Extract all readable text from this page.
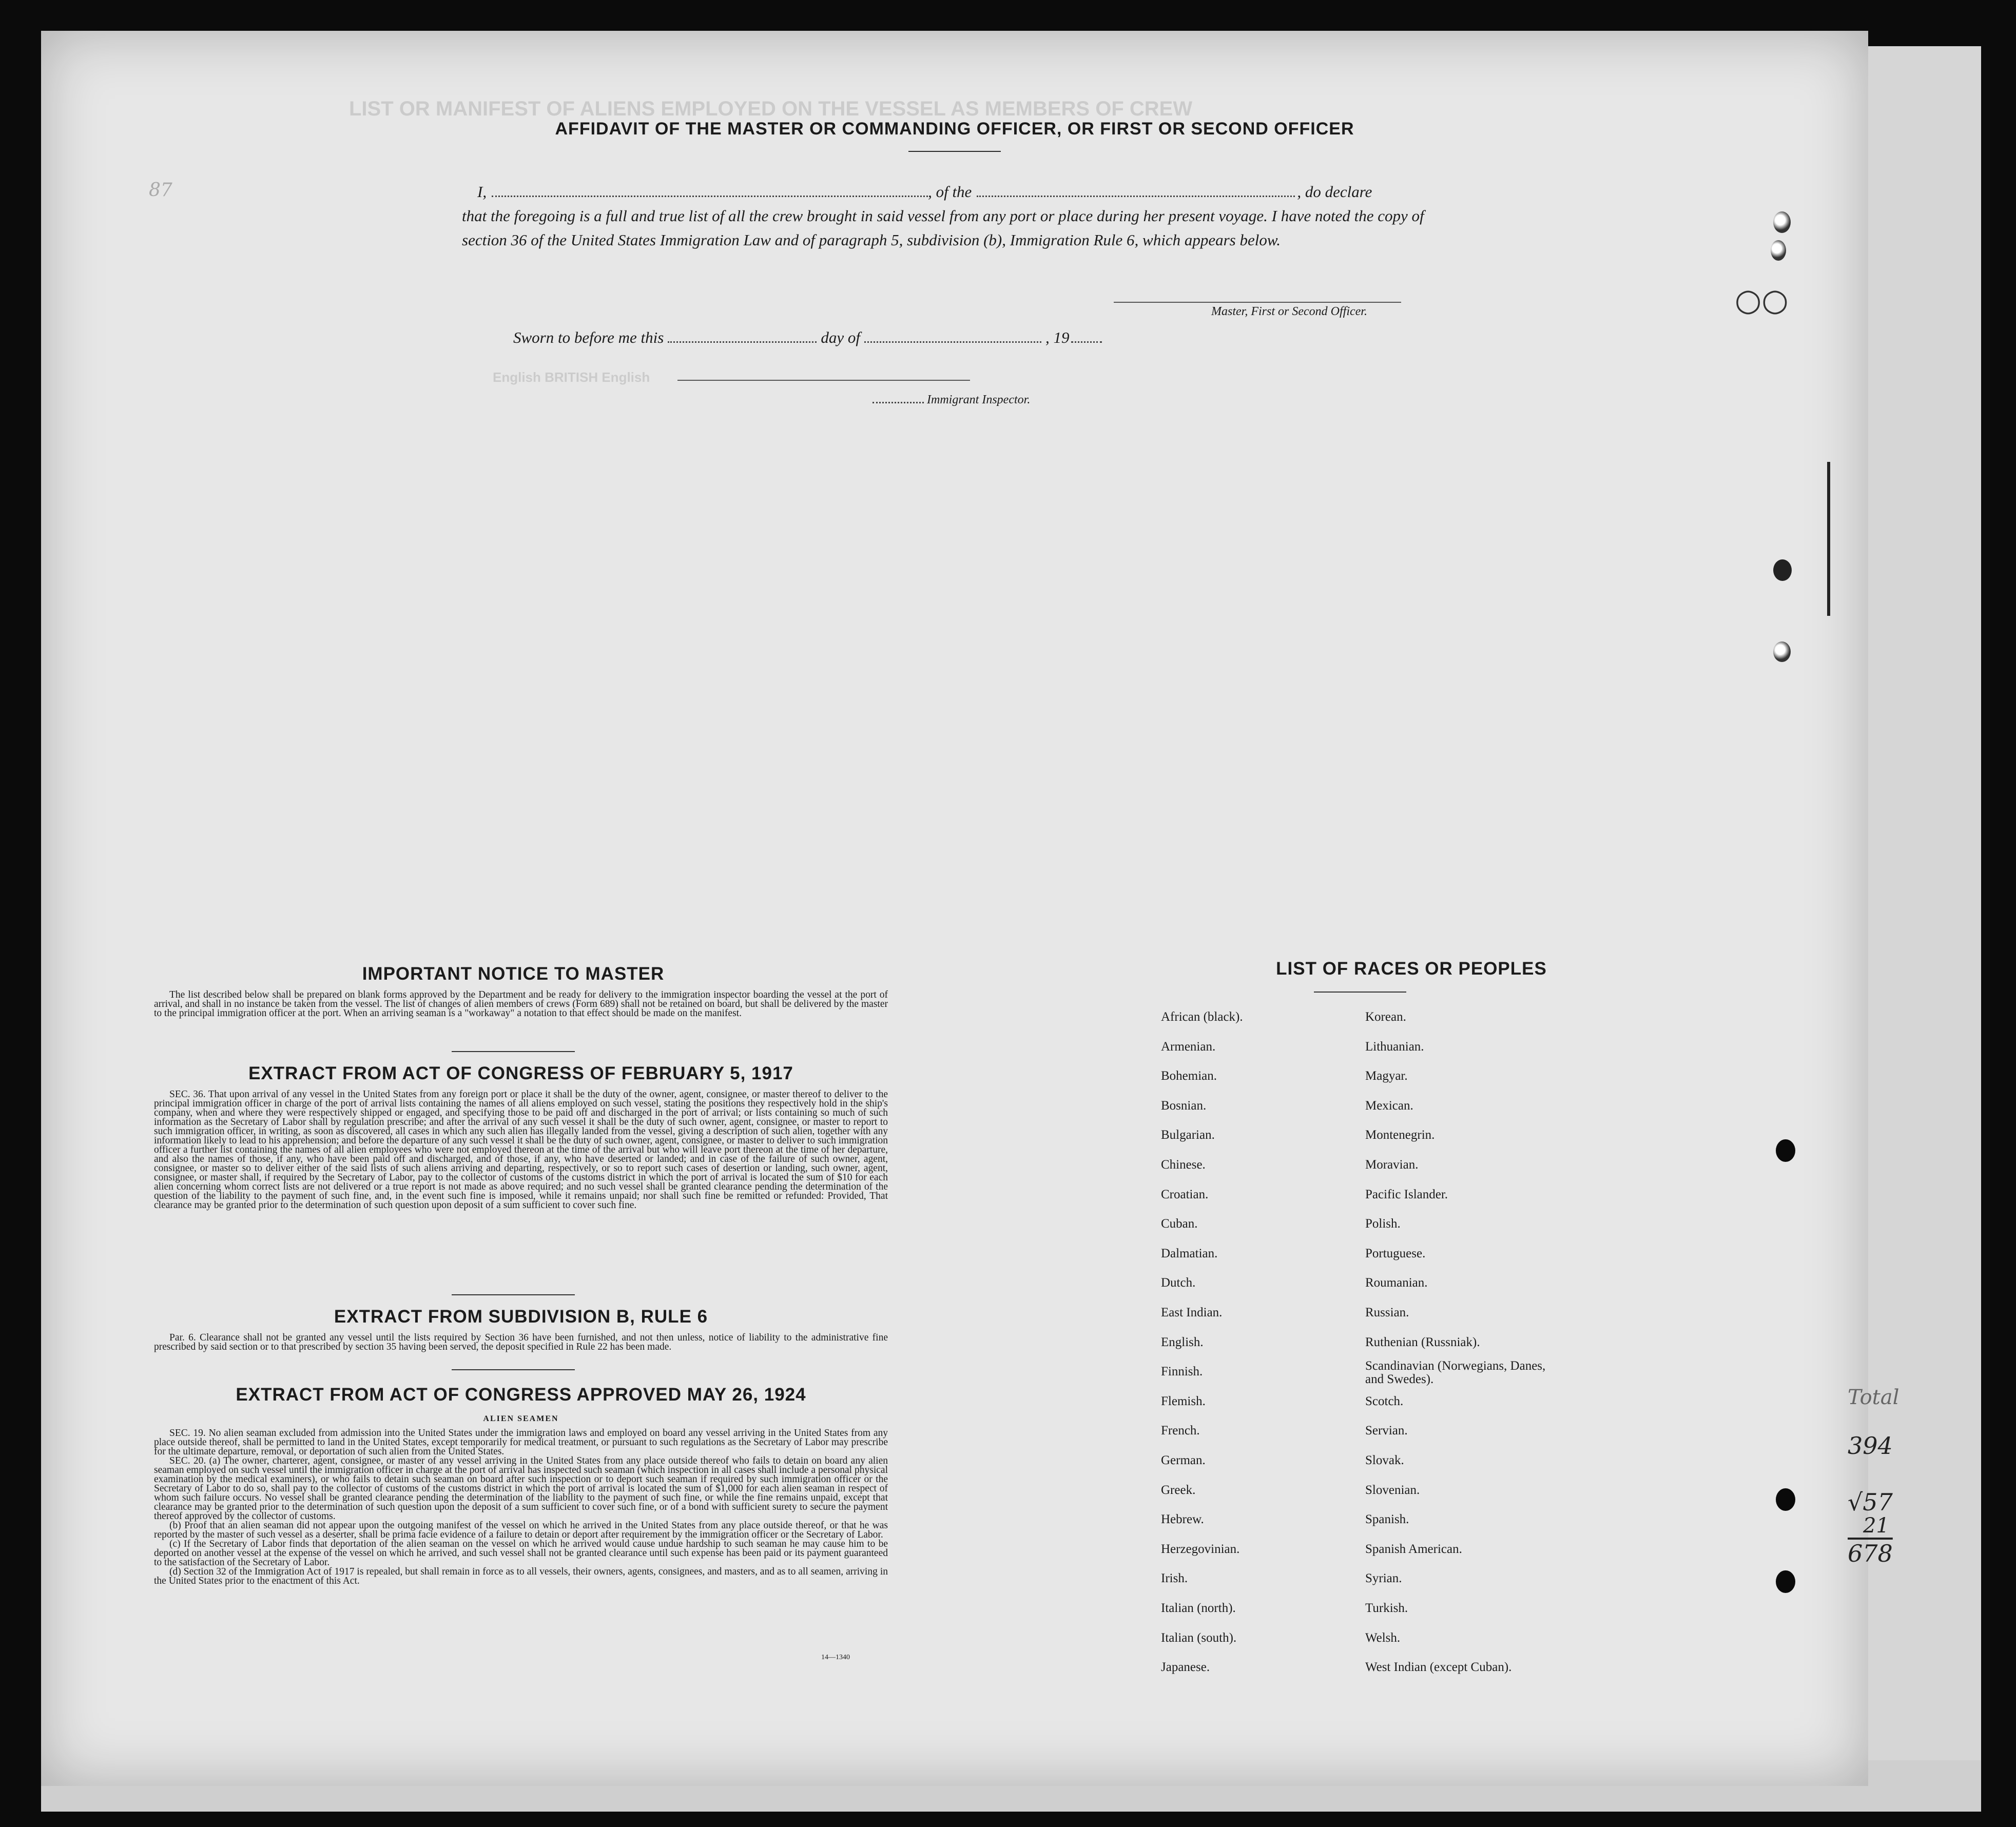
LIST OR MANIFEST OF ALIENS EMPLOYED ON THE VESSEL AS MEMBERS OF CREW
English BRITISH English
AFFIDAVIT OF THE MASTER OR COMMANDING OFFICER, OR FIRST OR SECOND OFFICER
I,	, of the	, do declare
that the foregoing is a full and true list of all the crew brought in said vessel from any port or place during her present voyage. I have noted the copy of section 36 of the United States Immigration Law and of paragraph 5, subdivision (b), Immigration Rule 6, which appears below.
Master, First or Second Officer.
Sworn to before me this	day of	, 19
Immigrant Inspector.
IMPORTANT NOTICE TO MASTER

The list described below shall be prepared on blank forms approved by the Department and be ready for delivery to the immigration inspector boarding the vessel at the port of arrival, and shall in no instance be taken from the vessel. The list of changes of alien members of crews (Form 689) shall not be retained on board, but shall be delivered by the master to the principal immigration officer at the port. When an arriving seaman is a "workaway" a notation to that effect should be made on the manifest.

EXTRACT FROM ACT OF CONGRESS OF FEBRUARY 5, 1917

SEC. 36. That upon arrival of any vessel in the United States from any foreign port or place it shall be the duty of the owner, agent, consignee, or master thereof to deliver to the principal immigration officer in charge of the port of arrival lists containing the names of all aliens employed on such vessel, stating the positions they respectively hold in the ship's company, when and where they were respectively shipped or engaged, and specifying those to be paid off and discharged in the port of arrival; or lists containing so much of such information as the Secretary of Labor shall by regulation prescribe; and after the arrival of any such vessel it shall be the duty of such owner, agent, consignee, or master to report to such immigration officer, in writing, as soon as discovered, all cases in which any such alien has illegally landed from the vessel, giving a description of such alien, together with any information likely to lead to his apprehension; and before the departure of any such vessel it shall be the duty of such owner, agent, consignee, or master to deliver to such immigration officer a further list containing the names of all alien employees who were not employed thereon at the time of the arrival but who will leave port thereon at the time of her departure, and also the names of those, if any, who have been paid off and discharged, and of those, if any, who have deserted or landed; and in case of the failure of such owner, agent, consignee, or master so to deliver either of the said lists of such aliens arriving and departing, respectively, or so to report such cases of desertion or landing, such owner, agent, consignee, or master shall, if required by the Secretary of Labor, pay to the collector of customs of the customs district in which the port of arrival is located the sum of $10 for each alien concerning whom correct lists are not delivered or a true report is not made as above required; and no such vessel shall be granted clearance pending the determination of the question of the liability to the payment of such fine, and, in the event such fine is imposed, while it remains unpaid; nor shall such fine be remitted or refunded: Provided, That clearance may be granted prior to the determination of such question upon deposit of a sum sufficient to cover such fine.

EXTRACT FROM SUBDIVISION B, RULE 6

Par. 6. Clearance shall not be granted any vessel until the lists required by Section 36 have been furnished, and not then unless, notice of liability to the administrative fine prescribed by said section or to that prescribed by section 35 having been served, the deposit specified in Rule 22 has been made.

EXTRACT FROM ACT OF CONGRESS APPROVED MAY 26, 1924
ALIEN SEAMEN

SEC. 19. No alien seaman excluded from admission into the United States under the immigration laws and employed on board any vessel arriving in the United States from any place outside thereof, shall be permitted to land in the United States, except temporarily for medical treatment, or pursuant to such regulations as the Secretary of Labor may prescribe for the ultimate departure, removal, or deportation of such alien from the United States.

SEC. 20. (a) The owner, charterer, agent, consignee, or master of any vessel arriving in the United States from any place outside thereof who fails to detain on board any alien seaman employed on such vessel until the immigration officer in charge at the port of arrival has inspected such seaman (which inspection in all cases shall include a personal physical examination by the medical examiners), or who fails to detain such seaman on board after such inspection or to deport such seaman if required by such immigration officer or the Secretary of Labor to do so, shall pay to the collector of customs of the customs district in which the port of arrival is located the sum of $1,000 for each alien seaman in respect of whom such failure occurs. No vessel shall be granted clearance pending the determination of the liability to the payment of such fine, or while the fine remains unpaid, except that clearance may be granted prior to the determination of such question upon the deposit of a sum sufficient to cover such fine, or of a bond with sufficient surety to secure the payment thereof approved by the collector of customs.

(b) Proof that an alien seaman did not appear upon the outgoing manifest of the vessel on which he arrived in the United States from any place outside thereof, or that he was reported by the master of such vessel as a deserter, shall be prima facie evidence of a failure to detain or deport after requirement by the immigration officer or the Secretary of Labor.

(c) If the Secretary of Labor finds that deportation of the alien seaman on the vessel on which he arrived would cause undue hardship to such seaman he may cause him to be deported on another vessel at the expense of the vessel on which he arrived, and such vessel shall not be granted clearance until such expense has been paid or its payment guaranteed to the satisfaction of the Secretary of Labor.

(d) Section 32 of the Immigration Act of 1917 is repealed, but shall remain in force as to all vessels, their owners, agents, consignees, and masters, and as to all seamen, arriving in the United States prior to the enactment of this Act.

14—1340
LIST OF RACES OR PEOPLES
African (black).
Armenian.
Bohemian.
Bosnian.
Bulgarian.
Chinese.
Croatian.
Cuban.
Dalmatian.
Dutch.
East Indian.
English.
Finnish.
Flemish.
French.
German.
Greek.
Hebrew.
Herzegovinian.
Irish.
Italian (north).
Italian (south).
Japanese.
Korean.
Lithuanian.
Magyar.
Mexican.
Montenegrin.
Moravian.
Pacific Islander.
Polish.
Portuguese.
Roumanian.
Russian.
Ruthenian (Russniak).
Scandinavian (Norwegians, Danes, and Swedes).
Scotch.
Servian.
Slovak.
Slovenian.
Spanish.
Spanish American.
Syrian.
Turkish.
Welsh.
West Indian (except Cuban).
Total
394
√57
21
678
87
○○
